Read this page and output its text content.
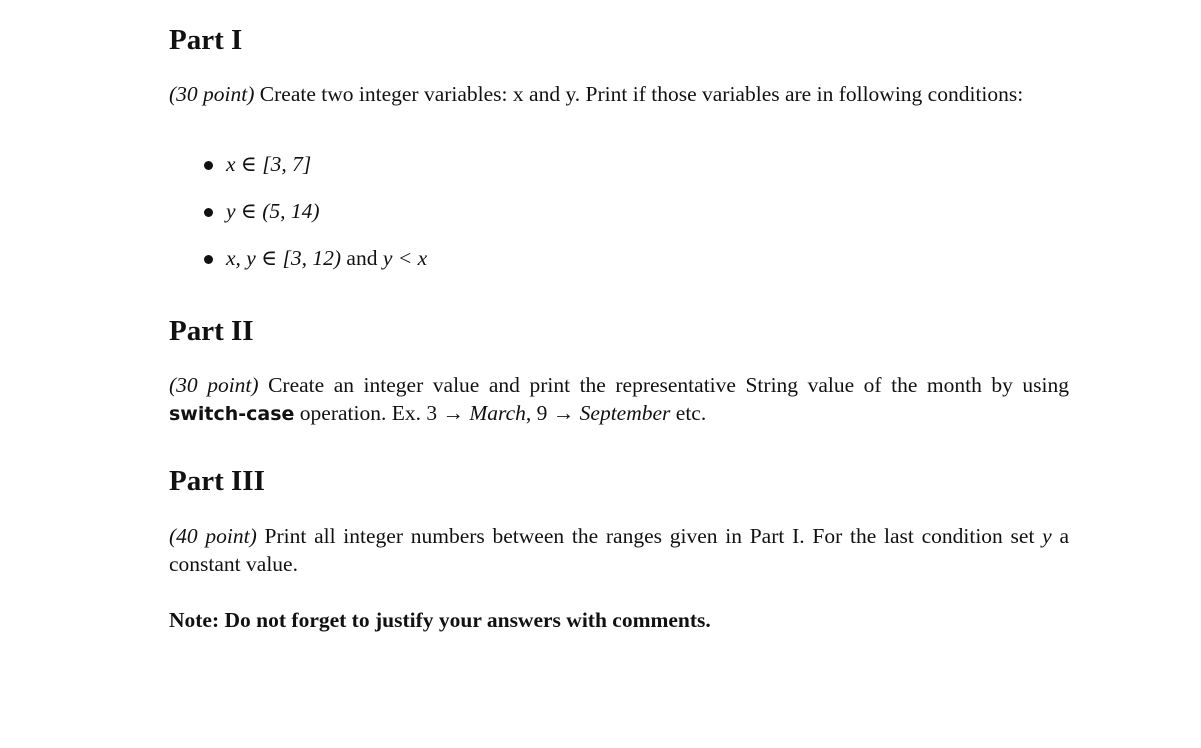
Part I

(30 point) Create two integer variables: x and y. Print if those variables are in following conditions:

x ∈ [3, 7]
y ∈ (5, 14)
x, y ∈ [3, 12) and y < x
Part II

(30 point) Create an integer value and print the representative String value of the month by using switch-case operation. Ex. 3 → March, 9 → September etc.

Part III

(40 point) Print all integer numbers between the ranges given in Part I. For the last condition set y a constant value.

Note: Do not forget to justify your answers with comments.
